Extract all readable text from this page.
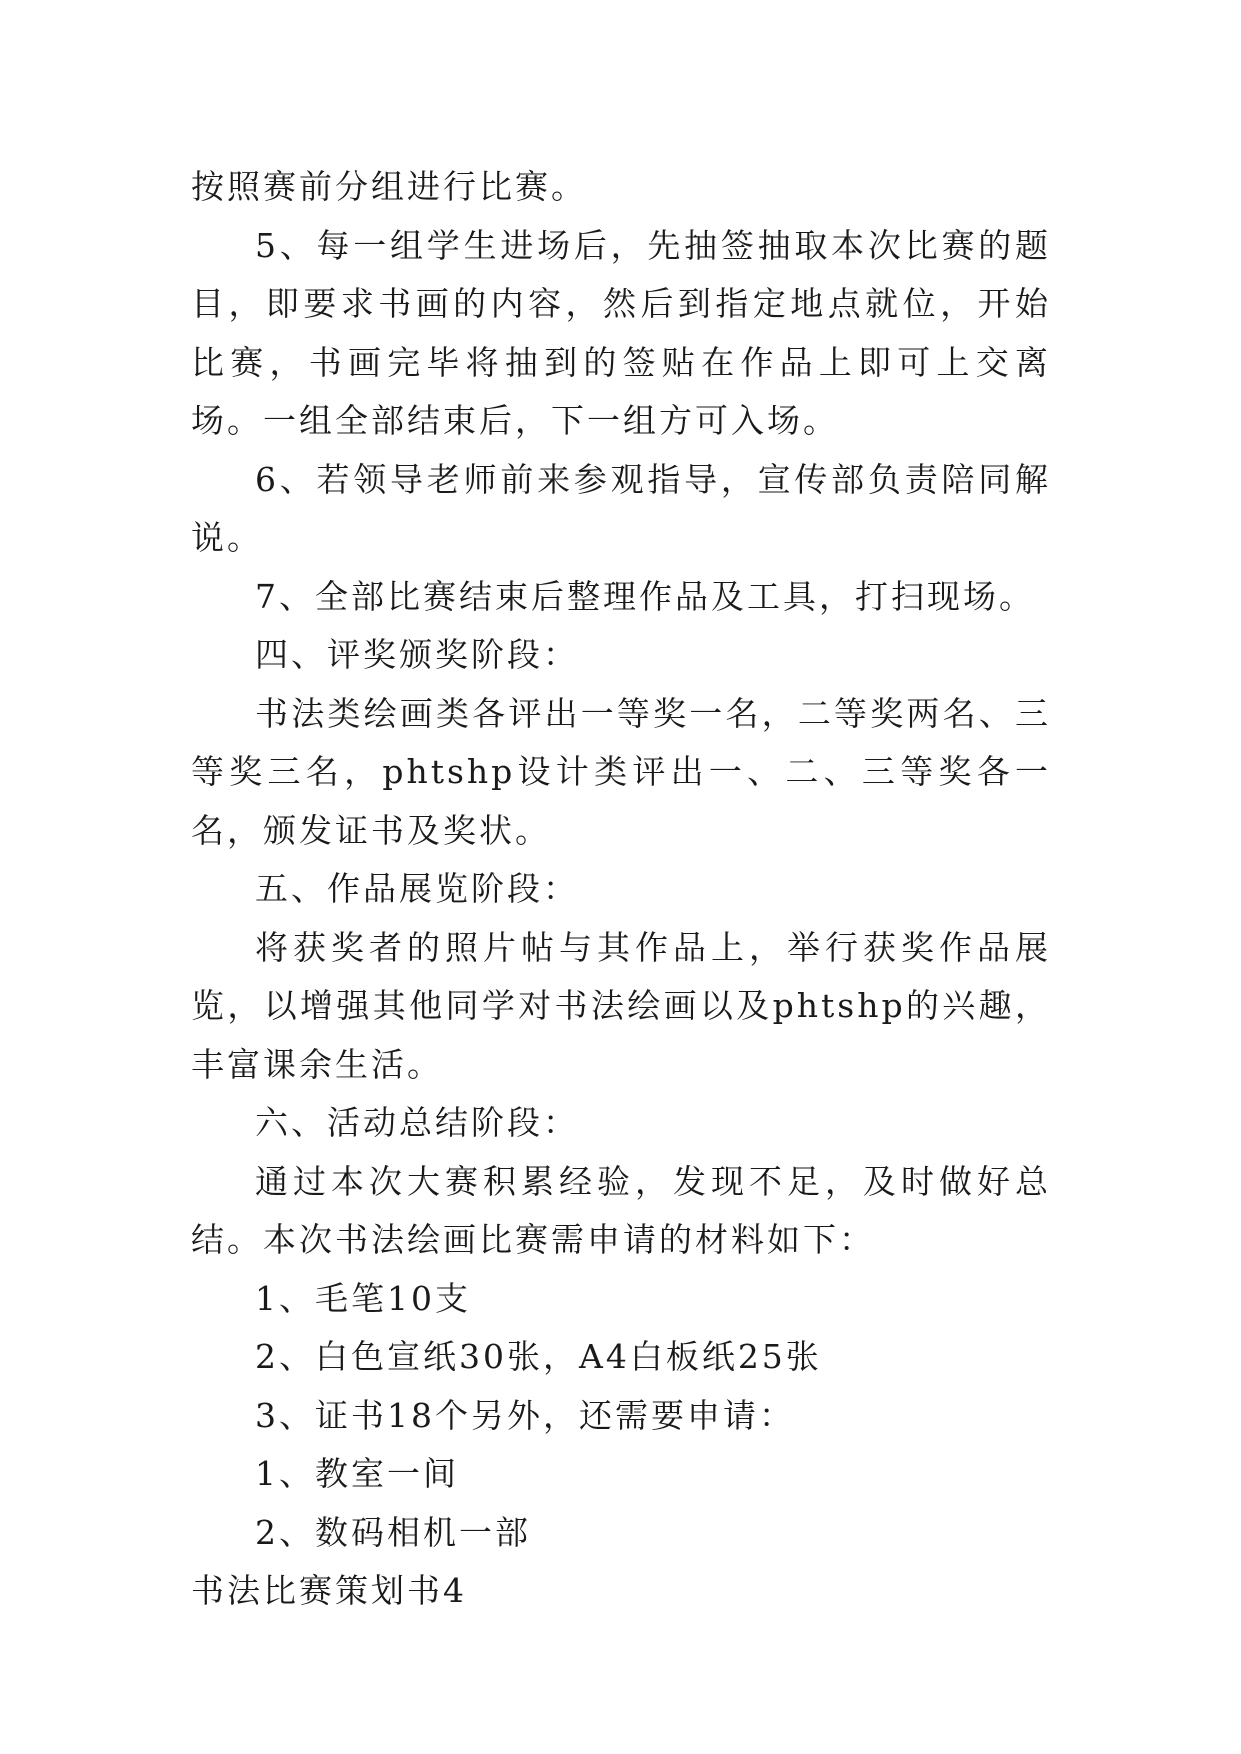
按照赛前分组进行比赛。

5、每一组学生进场后，先抽签抽取本次比赛的题目，即要求书画的内容，然后到指定地点就位，开始比赛，书画完毕将抽到的签贴在作品上即可上交离场。一组全部结束后，下一组方可入场。

6、若领导老师前来参观指导，宣传部负责陪同解说。

7、全部比赛结束后整理作品及工具，打扫现场。

四、评奖颁奖阶段：

书法类绘画类各评出一等奖一名，二等奖两名、三等奖三名，phtshp设计类评出一、二、三等奖各一名，颁发证书及奖状。

五、作品展览阶段：

将获奖者的照片帖与其作品上，举行获奖作品展览，以增强其他同学对书法绘画以及phtshp的兴趣，丰富课余生活。

六、活动总结阶段：

通过本次大赛积累经验，发现不足，及时做好总结。本次书法绘画比赛需申请的材料如下：

1、毛笔10支

2、白色宣纸30张，A4白板纸25张

3、证书18个另外，还需要申请：

1、教室一间

2、数码相机一部

书法比赛策划书4
